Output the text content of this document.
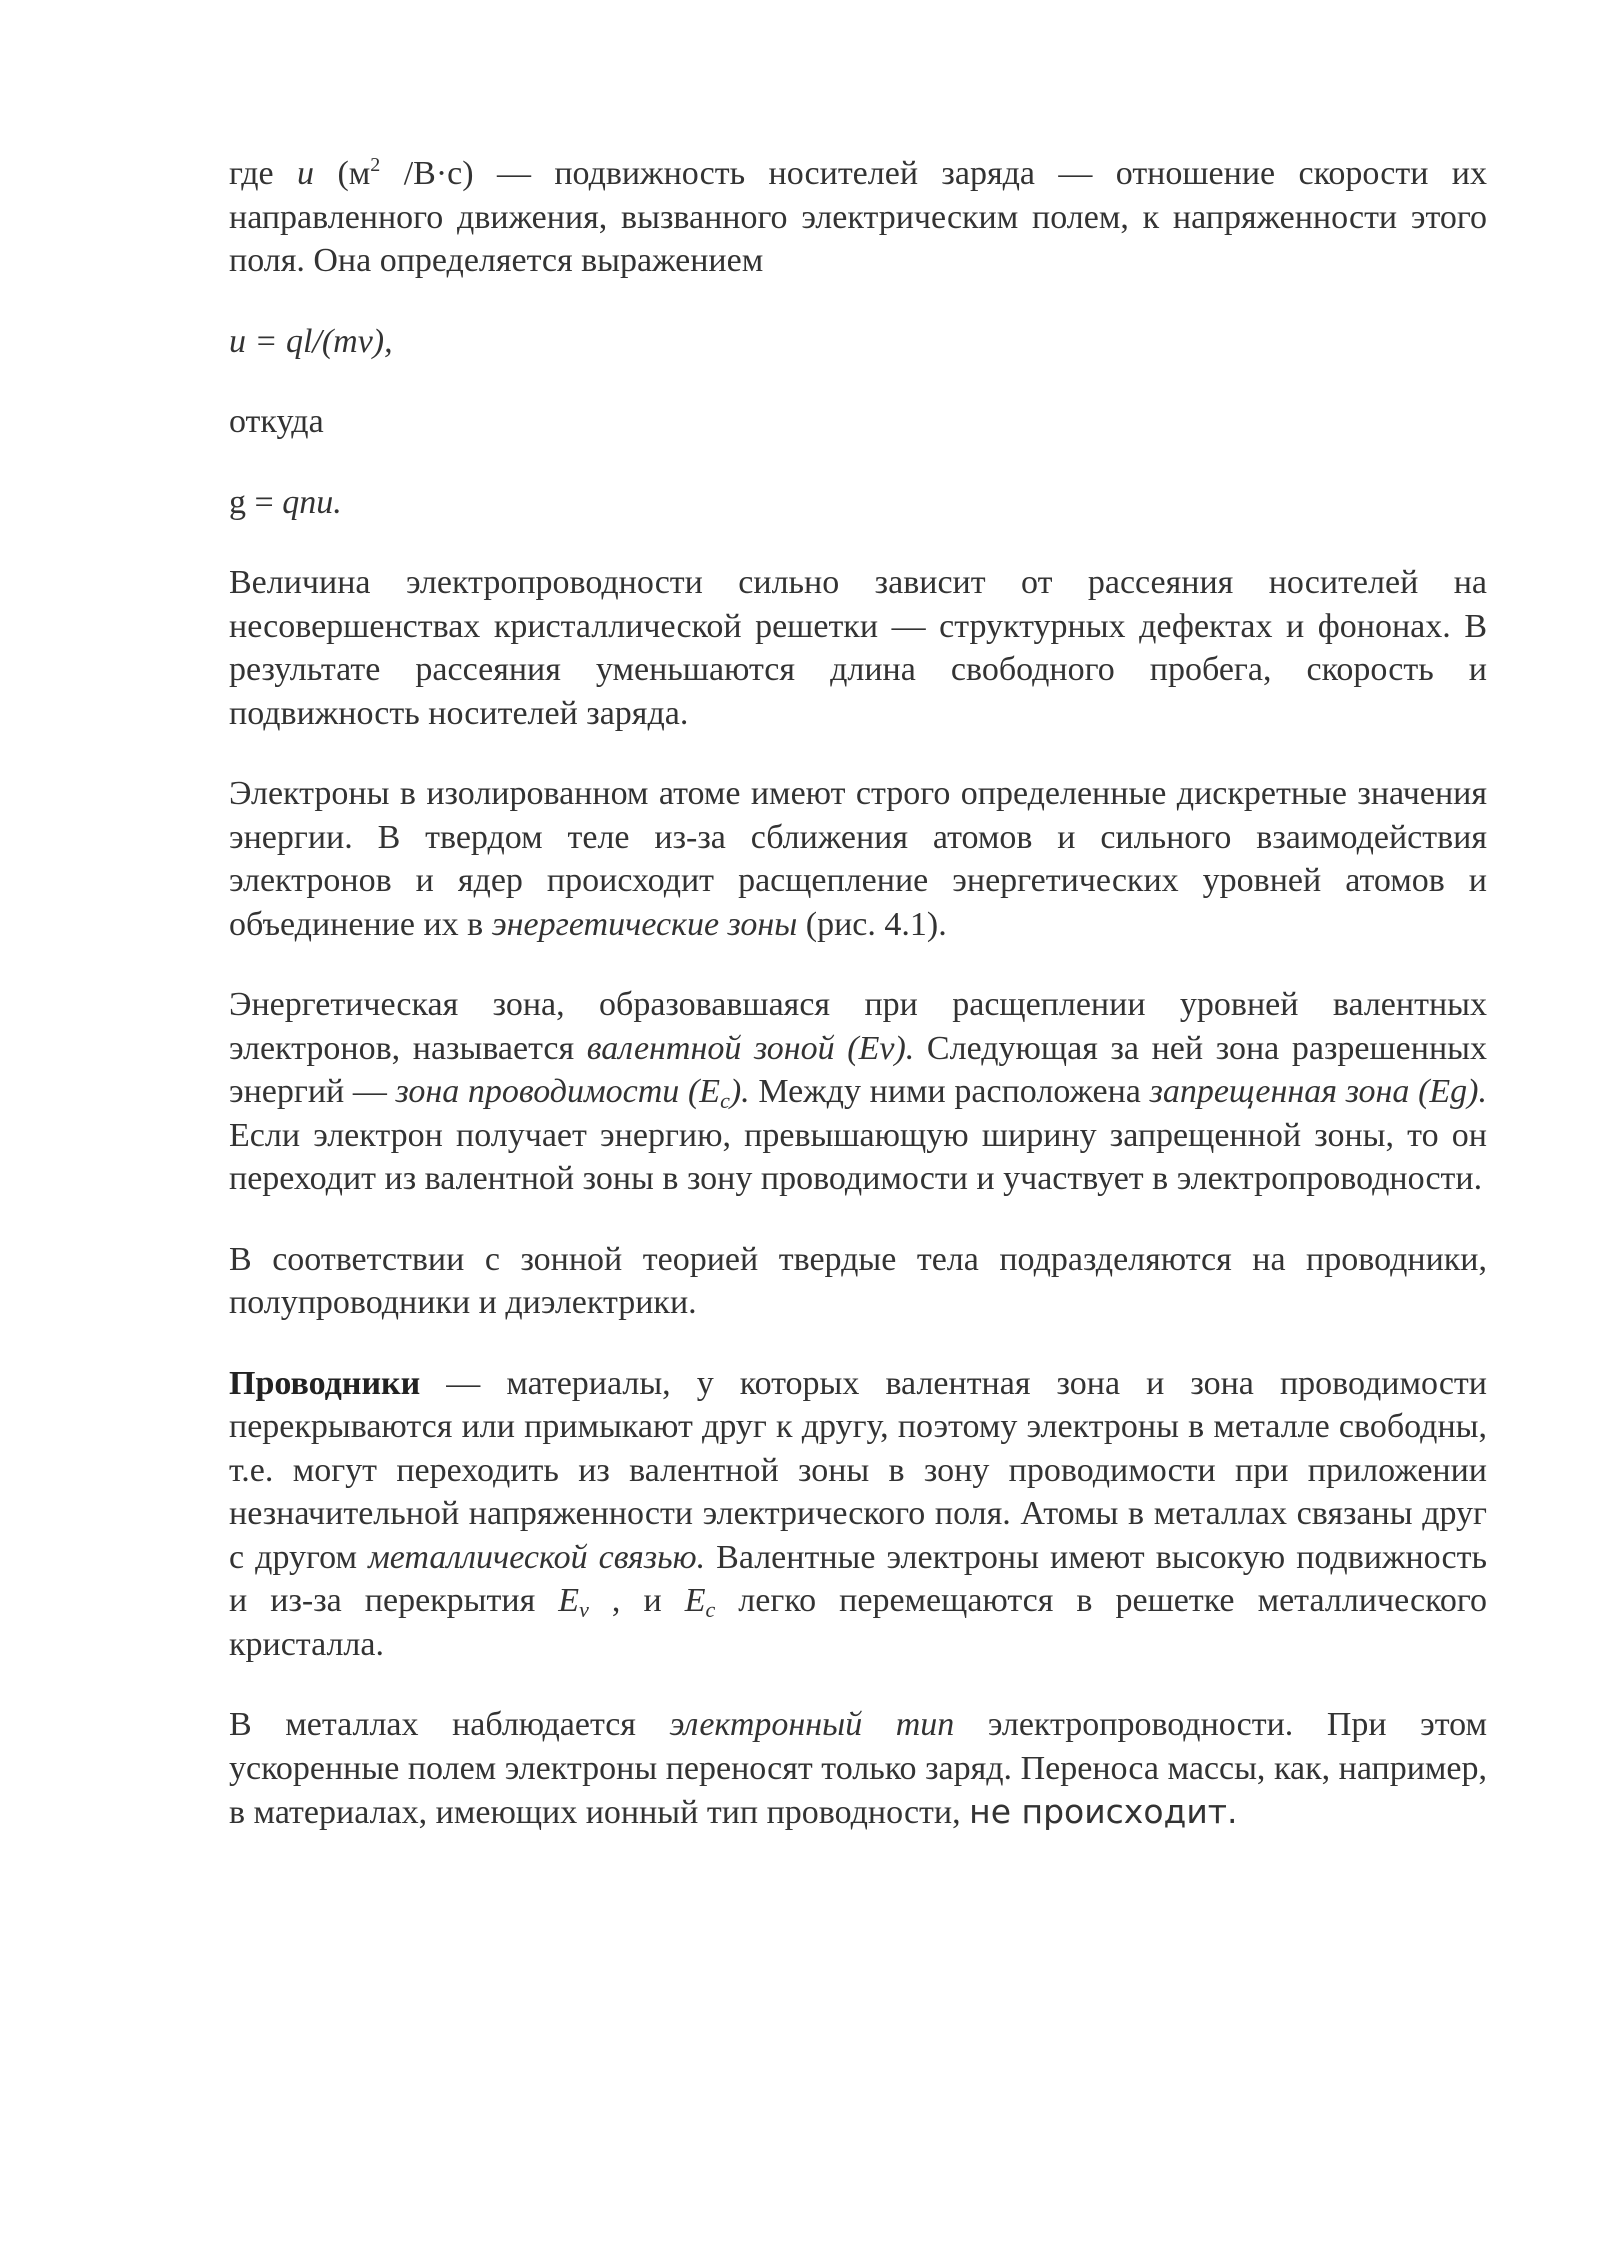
где u ($м^2$ /В·с) — подвижность носителей заряда — отношение скорости их направленного движения, вызванного электрическим полем, к напряженности этого поля. Она определяется выражением

u = ql/(mv),

откуда

g = qnu.

Величина электропроводности сильно зависит от рассеяния носителей на несовершенствах кристаллической решетки — структурных дефектах и фононах. В результате рассеяния уменьшаются длина свободного пробега, скорость и подвижность носителей заряда.

Электроны в изолированном атоме имеют строго определенные дискретные значения энергии. В твердом теле из-за сближения атомов и сильного взаимодействия электронов и ядер происходит расщепление энергетических уровней атомов и объединение их в энергетические зоны (рис. 4.1).

Энергетическая зона, образовавшаяся при расщеплении уровней валентных электронов, называется валентной зоной (Ev). Следующая за ней зона разрешенных энергий — зона проводимости $(E_c)$. Между ними расположена запрещенная зона (Eg). Если электрон получает энергию, превышающую ширину запрещенной зоны, то он переходит из валентной зоны в зону проводимости и участвует в электропроводности.

В соответствии с зонной теорией твердые тела подразделяются на проводники, полупроводники и диэлектрики.

Проводники — материалы, у которых валентная зона и зона проводимости перекрываются или примыкают друг к другу, поэтому электроны в металле свободны, т.е. могут переходить из валентной зоны в зону проводимости при приложении незначительной напряженности электрического поля. Атомы в металлах связаны друг с другом металлической связью. Валентные электроны имеют высокую подвижность и из-за перекрытия $E_v$ , и $E_c$ легко перемещаются в решетке металлического кристалла.

В металлах наблюдается электронный тип электропроводности. При этом ускоренные полем электроны переносят только заряд. Переноса массы, как, например, в материалах, имеющих ионный тип проводности, не происходит.
